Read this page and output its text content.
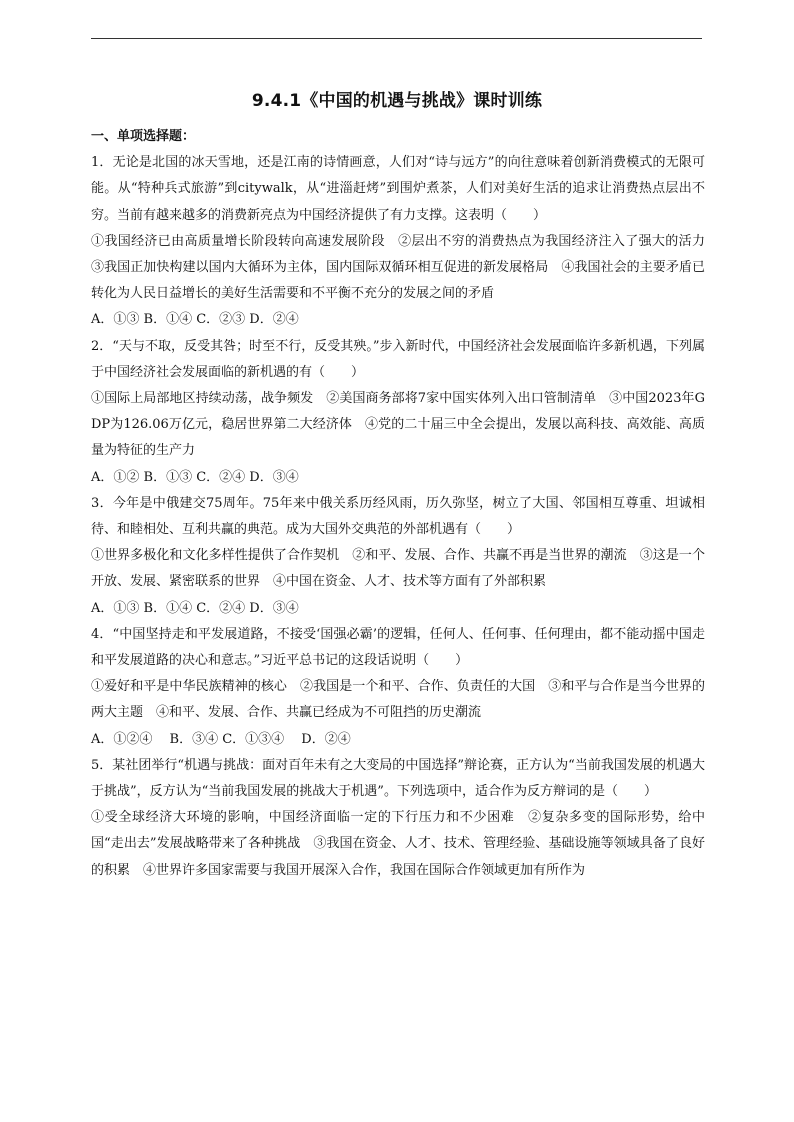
9.4.1《中国的机遇与挑战》课时训练
一、单项选择题：
1．无论是北国的冰天雪地，还是江南的诗情画意，人们对“诗与远方”的向往意味着创新消费模式的无限可能。从“特种兵式旅游”到citywalk，从“进淄赶烤”到围炉煮茶，人们对美好生活的追求让消费热点层出不穷。当前有越来越多的消费新亮点为中国经济提供了有力支撑。这表明（　　）
①我国经济已由高质量增长阶段转向高速发展阶段　②层出不穷的消费热点为我国经济注入了强大的活力　③我国正加快构建以国内大循环为主体，国内国际双循环相互促进的新发展格局　④我国社会的主要矛盾已转化为人民日益增长的美好生活需要和不平衡不充分的发展之间的矛盾
A．①③ B．①④ C．②③ D．②④
2．“天与不取，反受其咎；时至不行，反受其殃。”步入新时代，中国经济社会发展面临许多新机遇，下列属于中国经济社会发展面临的新机遇的有（　　）
①国际上局部地区持续动荡，战争频发　②美国商务部将7家中国实体列入出口管制清单　③中国2023年GDP为126.06万亿元，稳居世界第二大经济体　④党的二十届三中全会提出，发展以高科技、高效能、高质量为特征的生产力
A．①② B．①③ C．②④ D．③④
3．今年是中俄建交75周年。75年来中俄关系历经风雨，历久弥坚，树立了大国、邻国相互尊重、坦诚相待、和睦相处、互利共赢的典范。成为大国外交典范的外部机遇有（　　）
①世界多极化和文化多样性提供了合作契机　②和平、发展、合作、共赢不再是当世界的潮流　③这是一个开放、发展、紧密联系的世界　④中国在资金、人才、技术等方面有了外部积累
A．①③ B．①④ C．②④ D．③④
4．“中国坚持走和平发展道路，不接受‘国强必霸’的逻辑，任何人、任何事、任何理由，都不能动摇中国走和平发展道路的决心和意志。”习近平总书记的这段话说明（　　）
①爱好和平是中华民族精神的核心　②我国是一个和平、合作、负责任的大国　③和平与合作是当今世界的两大主题　④和平、发展、合作、共赢已经成为不可阻挡的历史潮流
A．①②④　 B．③④ C．①③④　 D．②④
5．某社团举行“机遇与挑战：面对百年未有之大变局的中国选择”辩论赛，正方认为“当前我国发展的机遇大于挑战”，反方认为“当前我国发展的挑战大于机遇”。下列选项中，适合作为反方辩词的是（　　）
①受全球经济大环境的影响，中国经济面临一定的下行压力和不少困难　②复杂多变的国际形势，给中国“走出去”发展战略带来了各种挑战　③我国在资金、人才、技术、管理经验、基础设施等领域具备了良好的积累　④世界许多国家需要与我国开展深入合作，我国在国际合作领域更加有所作为
